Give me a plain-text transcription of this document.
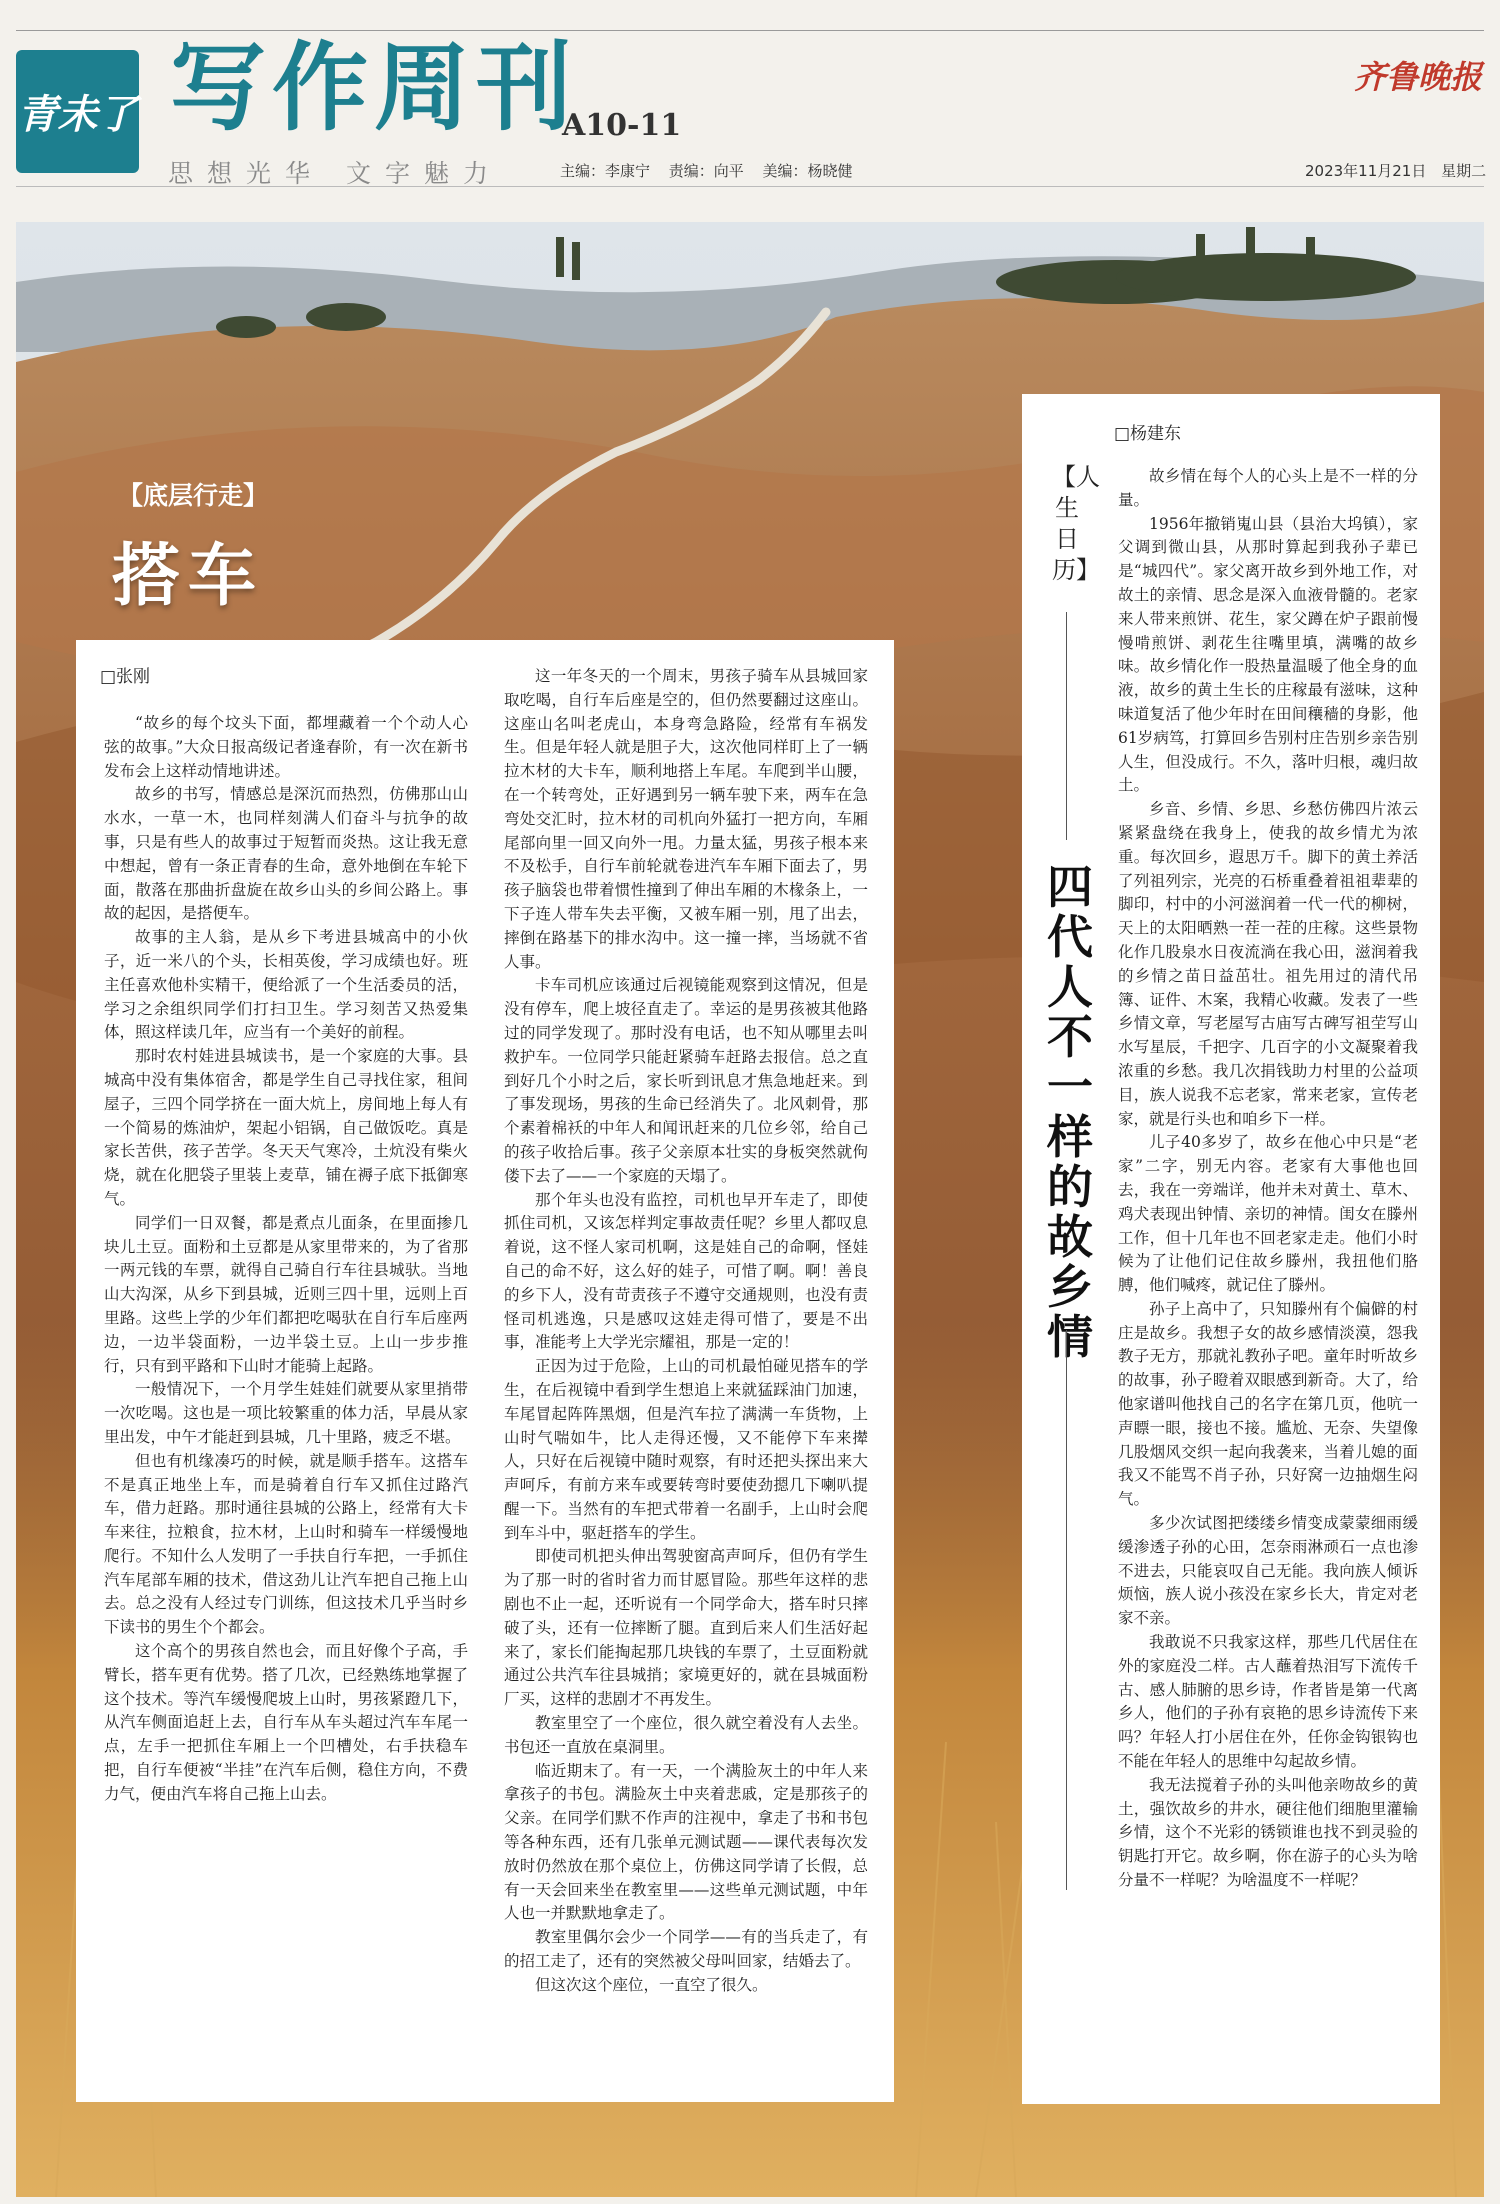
青未了 写作周刊
A10-11
思想光华 文字魅力	主编：李康宁 责编：向平 美编：杨晓健
齐鲁晚报
2023年11月21日 星期二
【底层行走】
搭车
□张刚
□杨建东

“故乡的每个坟头下面，都埋藏着一个个动人心弦的故事。”大众日报高级记者逢春阶，有一次在新书发布会上这样动情地讲述。

故乡的书写，情感总是深沉而热烈，仿佛那山山水水，一草一木，也同样刻满人们奋斗与抗争的故事，只是有些人的故事过于短暂而炎热。这让我无意中想起，曾有一条正青春的生命，意外地倒在车轮下面，散落在那曲折盘旋在故乡山头的乡间公路上。事故的起因，是搭便车。

故事的主人翁，是从乡下考进县城高中的小伙子，近一米八的个头，长相英俊，学习成绩也好。班主任喜欢他朴实精干，便给派了一个生活委员的活，学习之余组织同学们打扫卫生。学习刻苦又热爱集体，照这样读几年，应当有一个美好的前程。

那时农村娃进县城读书，是一个家庭的大事。县城高中没有集体宿舍，都是学生自己寻找住家，租间屋子，三四个同学挤在一面大炕上，房间地上每人有一个简易的炼油炉，架起小铝锅，自己做饭吃。真是家长苦供，孩子苦学。冬天天气寒冷，土炕没有柴火烧，就在化肥袋子里装上麦草，铺在褥子底下抵御寒气。

同学们一日双餐，都是煮点儿面条，在里面掺几块儿土豆。面粉和土豆都是从家里带来的，为了省那一两元钱的车票，就得自己骑自行车往县城驮。当地山大沟深，从乡下到县城，近则三四十里，远则上百里路。这些上学的少年们都把吃喝驮在自行车后座两边，一边半袋面粉，一边半袋土豆。上山一步步推行，只有到平路和下山时才能骑上起路。

一般情况下，一个月学生娃娃们就要从家里捎带一次吃喝。这也是一项比较繁重的体力活，早晨从家里出发，中午才能赶到县城，几十里路，疲乏不堪。

但也有机缘凑巧的时候，就是顺手搭车。这搭车不是真正地坐上车，而是骑着自行车又抓住过路汽车，借力赶路。那时通往县城的公路上，经常有大卡车来往，拉粮食，拉木材，上山时和骑车一样缓慢地爬行。不知什么人发明了一手扶自行车把，一手抓住汽车尾部车厢的技术，借这劲儿让汽车把自己拖上山去。总之没有人经过专门训练，但这技术几乎当时乡下读书的男生个个都会。

这个高个的男孩自然也会，而且好像个子高，手臂长，搭车更有优势。搭了几次，已经熟练地掌握了这个技术。等汽车缓慢爬坡上山时，男孩紧蹬几下，从汽车侧面追赶上去，自行车从车头超过汽车车尾一点，左手一把抓住车厢上一个凹槽处，右手扶稳车把，自行车便被“半挂”在汽车后侧，稳住方向，不费力气，便由汽车将自己拖上山去。

这一年冬天的一个周末，男孩子骑车从县城回家取吃喝，自行车后座是空的，但仍然要翻过这座山。这座山名叫老虎山，本身弯急路险，经常有车祸发生。但是年轻人就是胆子大，这次他同样盯上了一辆拉木材的大卡车，顺利地搭上车尾。车爬到半山腰，在一个转弯处，正好遇到另一辆车驶下来，两车在急弯处交汇时，拉木材的司机向外猛打一把方向，车厢尾部向里一回又向外一甩。力量太猛，男孩子根本来不及松手，自行车前轮就卷进汽车车厢下面去了，男孩子脑袋也带着惯性撞到了伸出车厢的木椽条上，一下子连人带车失去平衡，又被车厢一别，甩了出去，摔倒在路基下的排水沟中。这一撞一摔，当场就不省人事。

卡车司机应该通过后视镜能观察到这情况，但是没有停车，爬上坡径直走了。幸运的是男孩被其他路过的同学发现了。那时没有电话，也不知从哪里去叫救护车。一位同学只能赶紧骑车赶路去报信。总之直到好几个小时之后，家长听到讯息才焦急地赶来。到了事发现场，男孩的生命已经消失了。北风刺骨，那个素着棉袄的中年人和闻讯赶来的几位乡邻，给自己的孩子收拾后事。孩子父亲原本壮实的身板突然就佝偻下去了——一个家庭的天塌了。

那个年头也没有监控，司机也早开车走了，即使抓住司机，又该怎样判定事故责任呢？乡里人都叹息着说，这不怪人家司机啊，这是娃自己的命啊，怪娃自己的命不好，这么好的娃子，可惜了啊。啊！善良的乡下人，没有苛责孩子不遵守交通规则，也没有责怪司机逃逸，只是感叹这娃走得可惜了，要是不出事，准能考上大学光宗耀祖，那是一定的！

正因为过于危险，上山的司机最怕碰见搭车的学生，在后视镜中看到学生想追上来就猛踩油门加速，车尾冒起阵阵黑烟，但是汽车拉了满满一车货物，上山时气喘如牛，比人走得还慢，又不能停下车来撵人，只好在后视镜中随时观察，有时还把头探出来大声呵斥，有前方来车或要转弯时要使劲摁几下喇叭提醒一下。当然有的车把式带着一名副手，上山时会爬到车斗中，驱赶搭车的学生。

即使司机把头伸出驾驶窗高声呵斥，但仍有学生为了那一时的省时省力而甘愿冒险。那些年这样的悲剧也不止一起，还听说有一个同学命大，搭车时只摔破了头，还有一位摔断了腿。直到后来人们生活好起来了，家长们能掏起那几块钱的车票了，土豆面粉就通过公共汽车往县城捎；家境更好的，就在县城面粉厂买，这样的悲剧才不再发生。

教室里空了一个座位，很久就空着没有人去坐。书包还一直放在桌洞里。

临近期末了。有一天，一个满脸灰土的中年人来拿孩子的书包。满脸灰土中夹着悲戚，定是那孩子的父亲。在同学们默不作声的注视中，拿走了书和书包等各种东西，还有几张单元测试题——课代表每次发放时仍然放在那个桌位上，仿佛这同学请了长假，总有一天会回来坐在教室里——这些单元测试题，中年人也一并默默地拿走了。

教室里偶尔会少一个同学——有的当兵走了，有的招工走了，还有的突然被父母叫回家，结婚去了。

但这次这个座位，一直空了很久。

【人生日历】
四代人不一样的故乡情

故乡情在每个人的心头上是不一样的分量。

1956年撤销嵬山县（县治大坞镇），家父调到微山县，从那时算起到我孙子辈已是“城四代”。家父离开故乡到外地工作，对故土的亲情、思念是深入血液骨髓的。老家来人带来煎饼、花生，家父蹲在炉子跟前慢慢啃煎饼、剥花生往嘴里填，满嘴的故乡味。故乡情化作一股热量温暖了他全身的血液，故乡的黄土生长的庄稼最有滋味，这种味道复活了他少年时在田间穰穑的身影，他61岁病笃，打算回乡告别村庄告别乡亲告别人生，但没成行。不久，落叶归根，魂归故土。

乡音、乡情、乡思、乡愁仿佛四片浓云紧紧盘绕在我身上，使我的故乡情尤为浓重。每次回乡，遐思万千。脚下的黄土养活了列祖列宗，光亮的石桥重叠着祖祖辈辈的脚印，村中的小河滋润着一代一代的柳树，天上的太阳晒熟一茬一茬的庄稼。这些景物化作几股泉水日夜流淌在我心田，滋润着我的乡情之苗日益茁壮。祖先用过的清代吊簿、证件、木案，我精心收藏。发表了一些乡情文章，写老屋写古庙写古碑写祖茔写山水写星辰，千把字、几百字的小文凝聚着我浓重的乡愁。我几次捐钱助力村里的公益项目，族人说我不忘老家，常来老家，宣传老家，就是行头也和咱乡下一样。

儿子40多岁了，故乡在他心中只是“老家”二字，别无内容。老家有大事他也回去，我在一旁端详，他并未对黄土、草木、鸡犬表现出钟情、亲切的神情。闺女在滕州工作，但十几年也不回老家走走。他们小时候为了让他们记住故乡滕州，我扭他们胳膊，他们喊疼，就记住了滕州。

孙子上高中了，只知滕州有个偏僻的村庄是故乡。我想子女的故乡感情淡漠，怨我教子无方，那就礼教孙子吧。童年时听故乡的故事，孙子瞪着双眼感到新奇。大了，给他家谱叫他找自己的名字在第几页，他吭一声瞟一眼，接也不接。尴尬、无奈、失望像几股烟风交织一起向我袭来，当着儿媳的面我又不能骂不肖子孙，只好窝一边抽烟生闷气。

多少次试图把缕缕乡情变成蒙蒙细雨缓缓渗透子孙的心田，怎奈雨淋顽石一点也渗不进去，只能哀叹自己无能。我向族人倾诉烦恼，族人说小孩没在家乡长大，肯定对老家不亲。

我敢说不只我家这样，那些几代居住在外的家庭没二样。古人蘸着热泪写下流传千古、感人肺腑的思乡诗，作者皆是第一代离乡人，他们的子孙有哀艳的思乡诗流传下来吗？年轻人打小居住在外，任你金钩银钩也不能在年轻人的思维中勾起故乡情。

我无法搅着子孙的头叫他亲吻故乡的黄土，强饮故乡的井水，硬往他们细胞里灌输乡情，这个不光彩的锈锁谁也找不到灵验的钥匙打开它。故乡啊，你在游子的心头为啥分量不一样呢？为啥温度不一样呢？
